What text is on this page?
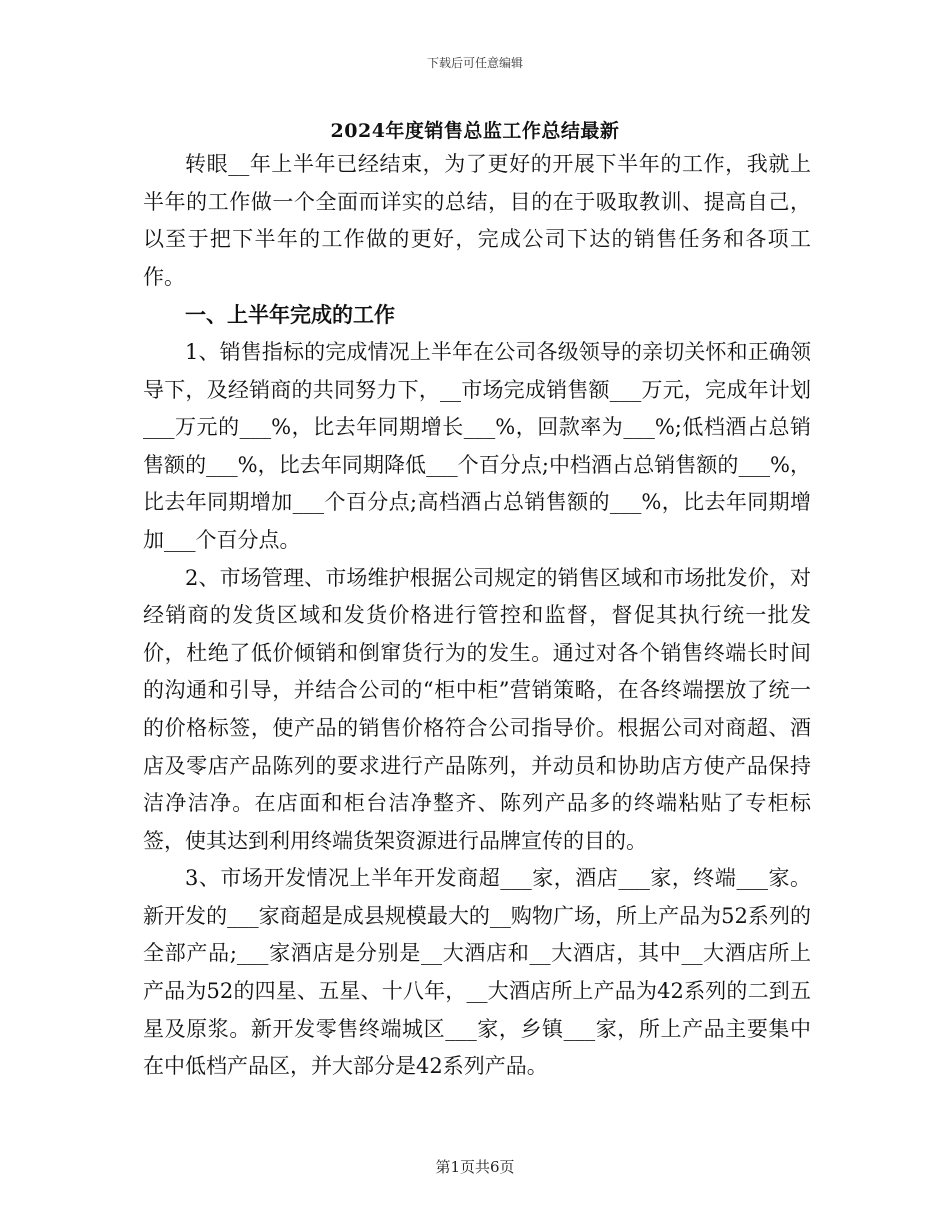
下载后可任意编辑
2024年度销售总监工作总结最新

转眼__年上半年已经结束，为了更好的开展下半年的工作，我就上半年的工作做一个全面而详实的总结，目的在于吸取教训、提高自己，以至于把下半年的工作做的更好，完成公司下达的销售任务和各项工作。

一、上半年完成的工作

1、销售指标的完成情况上半年在公司各级领导的亲切关怀和正确领导下，及经销商的共同努力下，__市场完成销售额___万元，完成年计划___万元的___%，比去年同期增长___%，回款率为___%;低档酒占总销售额的___%，比去年同期降低___个百分点;中档酒占总销售额的___%，比去年同期增加___个百分点;高档酒占总销售额的___%，比去年同期增加___个百分点。

2、市场管理、市场维护根据公司规定的销售区域和市场批发价，对经销商的发货区域和发货价格进行管控和监督，督促其执行统一批发价，杜绝了低价倾销和倒窜货行为的发生。通过对各个销售终端长时间的沟通和引导，并结合公司的“柜中柜”营销策略，在各终端摆放了统一的价格标签，使产品的销售价格符合公司指导价。根据公司对商超、酒店及零店产品陈列的要求进行产品陈列，并动员和协助店方使产品保持洁净洁净。在店面和柜台洁净整齐、陈列产品多的终端粘贴了专柜标签，使其达到利用终端货架资源进行品牌宣传的目的。

3、市场开发情况上半年开发商超___家，酒店___家，终端___家。新开发的___家商超是成县规模最大的__购物广场，所上产品为52系列的全部产品;___家酒店是分别是__大酒店和__大酒店，其中__大酒店所上产品为52的四星、五星、十八年，__大酒店所上产品为42系列的二到五星及原浆。新开发零售终端城区___家，乡镇___家，所上产品主要集中在中低档产品区，并大部分是42系列产品。

第1页共6页
